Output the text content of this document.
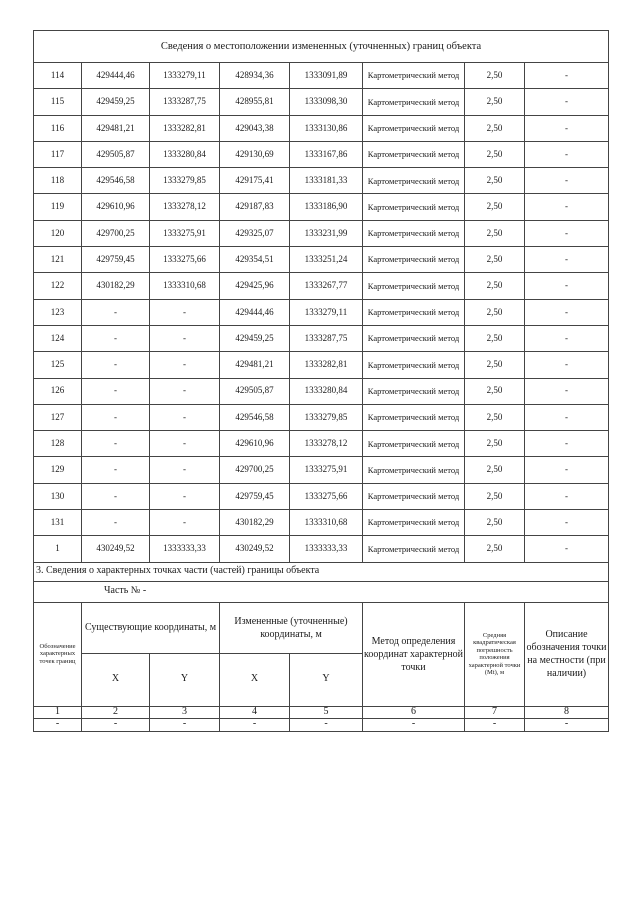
Сведения о местоположении измененных (уточненных) границ объекта							
114	429444,46	1333279,11	428934,36	1333091,89	Картометрический метод	2,50	-
115	429459,25	1333287,75	428955,81	1333098,30	Картометрический метод	2,50	-
116	429481,21	1333282,81	429043,38	1333130,86	Картометрический метод	2,50	-
117	429505,87	1333280,84	429130,69	1333167,86	Картометрический метод	2,50	-
118	429546,58	1333279,85	429175,41	1333181,33	Картометрический метод	2,50	-
119	429610,96	1333278,12	429187,83	1333186,90	Картометрический метод	2,50	-
120	429700,25	1333275,91	429325,07	1333231,99	Картометрический метод	2,50	-
121	429759,45	1333275,66	429354,51	1333251,24	Картометрический метод	2,50	-
122	430182,29	1333310,68	429425,96	1333267,77	Картометрический метод	2,50	-
123	-	-	429444,46	1333279,11	Картометрический метод	2,50	-
124	-	-	429459,25	1333287,75	Картометрический метод	2,50	-
125	-	-	429481,21	1333282,81	Картометрический метод	2,50	-
126	-	-	429505,87	1333280,84	Картометрический метод	2,50	-
127	-	-	429546,58	1333279,85	Картометрический метод	2,50	-
128	-	-	429610,96	1333278,12	Картометрический метод	2,50	-
129	-	-	429700,25	1333275,91	Картометрический метод	2,50	-
130	-	-	429759,45	1333275,66	Картометрический метод	2,50	-
131	-	-	430182,29	1333310,68	Картометрический метод	2,50	-
1	430249,52	1333333,33	430249,52	1333333,33	Картометрический метод	2,50	-
3. Сведения о характерных точках части (частей) границы объекта							
Часть № -							
Обозначение характерных точек границ	Существующие координаты, м		Измененные (уточненные) координаты, м		Метод определения координат характерной точки	Средняя квадратическая погрешность положения характерной точки (Мt), м	Описание обозначения точки на местности (при наличии)
	X	Y	X	Y			
1	2	3	4	5	6	7	8
-	-	-	-	-	-	-	-
